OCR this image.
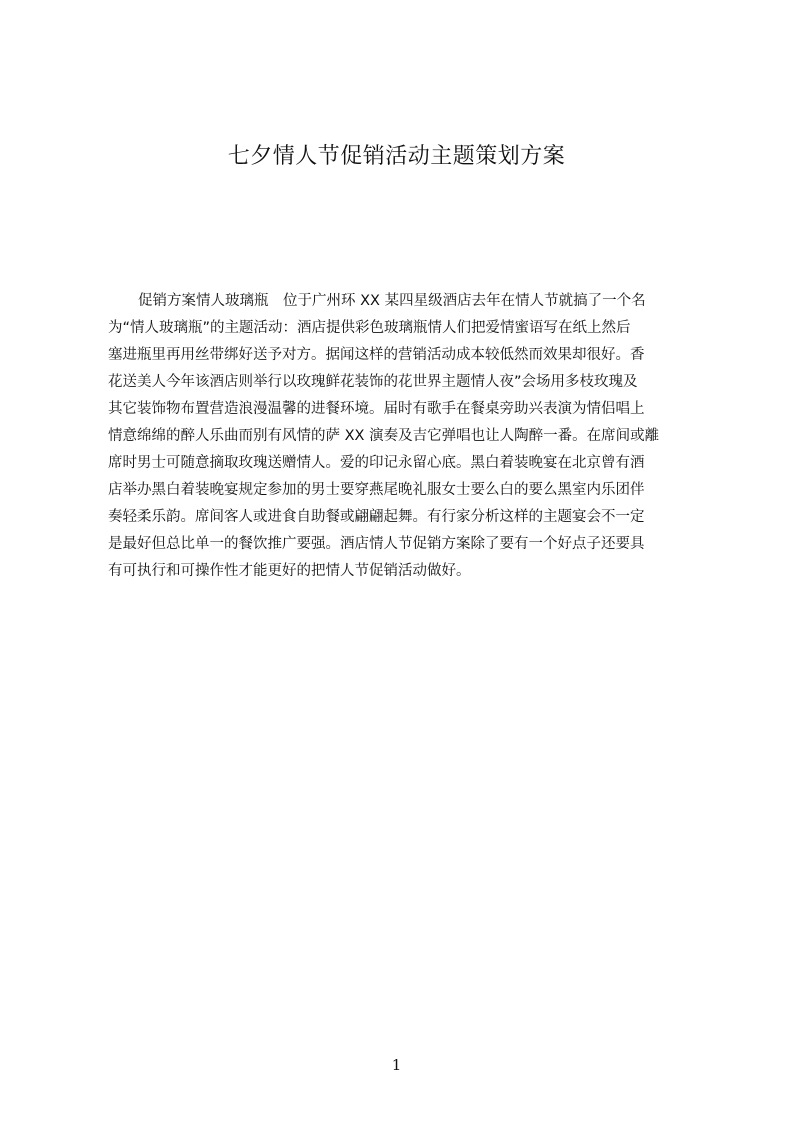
七夕情人节促销活动主题策划方案
促销方案情人玻璃瓶　位于广州环 XX 某四星级酒店去年在情人节就搞了一个名
为“情人玻璃瓶”的主题活动：酒店提供彩色玻璃瓶情人们把爱情蜜语写在纸上然后
塞进瓶里再用丝带绑好送予对方。据闻这样的营销活动成本较低然而效果却很好。香
花送美人今年该酒店则举行以玫瑰鲜花装饰的花世界主题情人夜”会场用多枝玫瑰及
其它装饰物布置营造浪漫温馨的进餐环境。届时有歌手在餐桌旁助兴表演为情侣唱上
情意绵绵的醉人乐曲而别有风情的萨 XX 演奏及吉它弹唱也让人陶醉一番。在席间或離
席时男士可随意摘取玫瑰送赠情人。爱的印记永留心底。黑白着装晚宴在北京曾有酒
店举办黑白着装晚宴规定参加的男士要穿燕尾晚礼服女士要么白的要么黑室内乐团伴
奏轻柔乐韵。席间客人或进食自助餐或翩翩起舞。有行家分析这样的主题宴会不一定
是最好但总比单一的餐饮推广要强。酒店情人节促销方案除了要有一个好点子还要具
有可执行和可操作性才能更好的把情人节促销活动做好。
1
